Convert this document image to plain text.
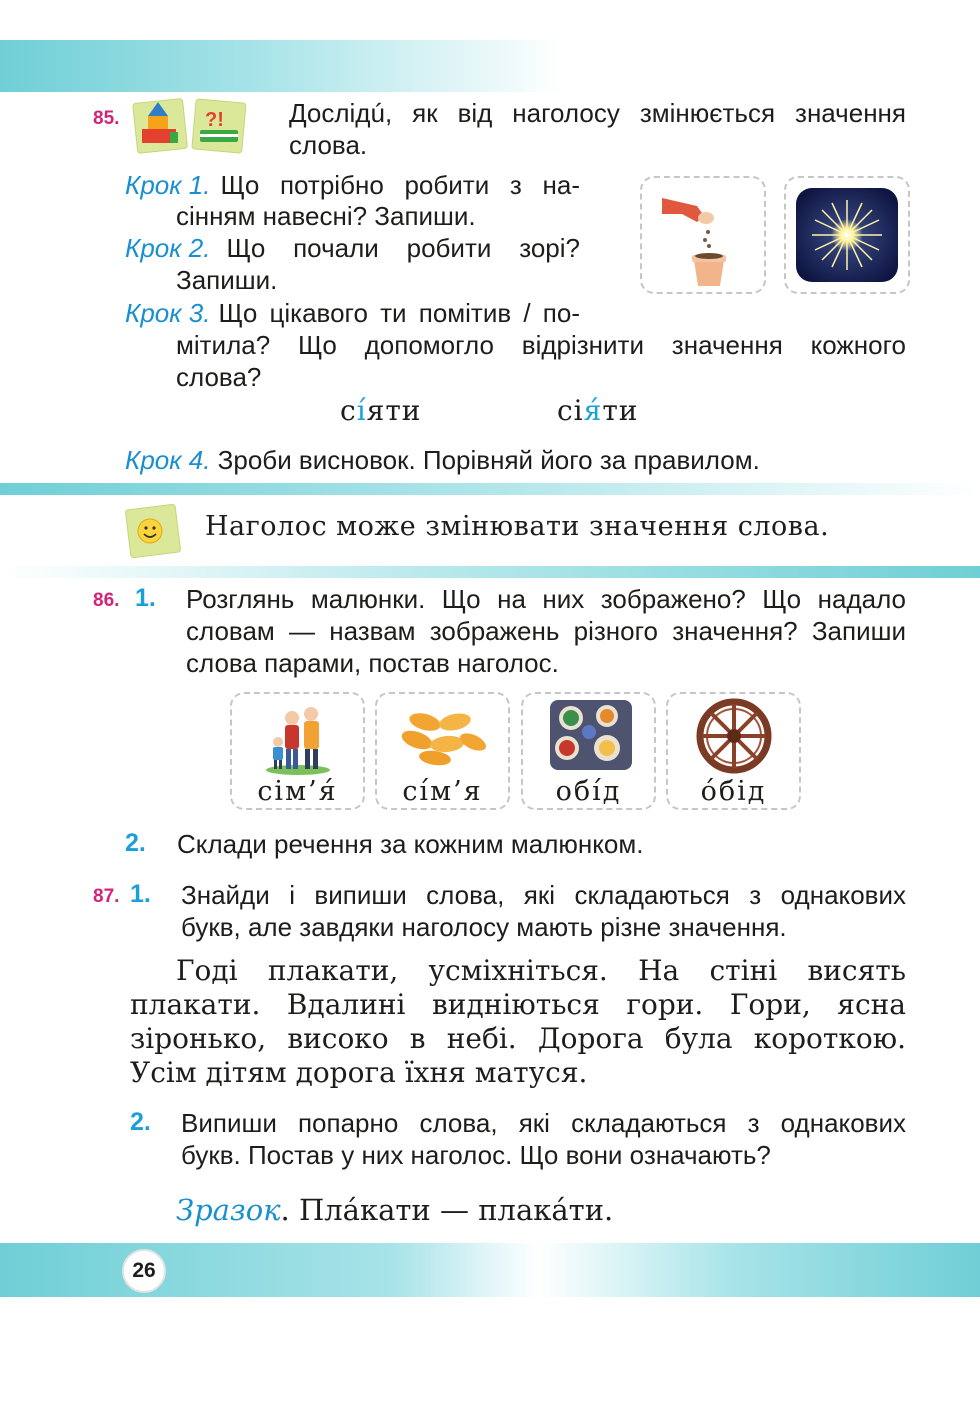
85.	?!	Дослідú, як від наголосу змінюється значення
слова.
Крок 1. Що потрібно робити з на-
сінням навесні? Запиши.
Крок 2. Що почали робити зорі?
Запиши.
Крок 3. Що цікавого ти помітив / по-
мітила? Що допомогло відрізнити значення кожного
слова?
сі́яти	сія́ти
Крок 4. Зроби висновок. Порівняй його за правилом.
Наголос може змінювати значення слова.
86. 1. Розглянь малюнки. Що на них зображено? Що надало
словам — назвам зображень різного значення? Запиши
слова парами, постав наголос.
сім’я́	сі́м’я	обі́д	о́бід
2. Склади речення за кожним малюнком.
87. 1. Знайди і випиши слова, які складаються з однакових
букв, але завдяки наголосу мають різне значення.
Годі плакати, усміхніться. На стіні висять
плакати. Вдалині видніються гори. Гори, ясна
зіронько, високо в небі. Дорога була короткою.
Усім дітям дорога їхня матуся.
2. Випиши попарно слова, які складаються з однакових
букв. Постав у них наголос. Що вони означають?
Зразок. Пла́кати — плака́ти.
26
